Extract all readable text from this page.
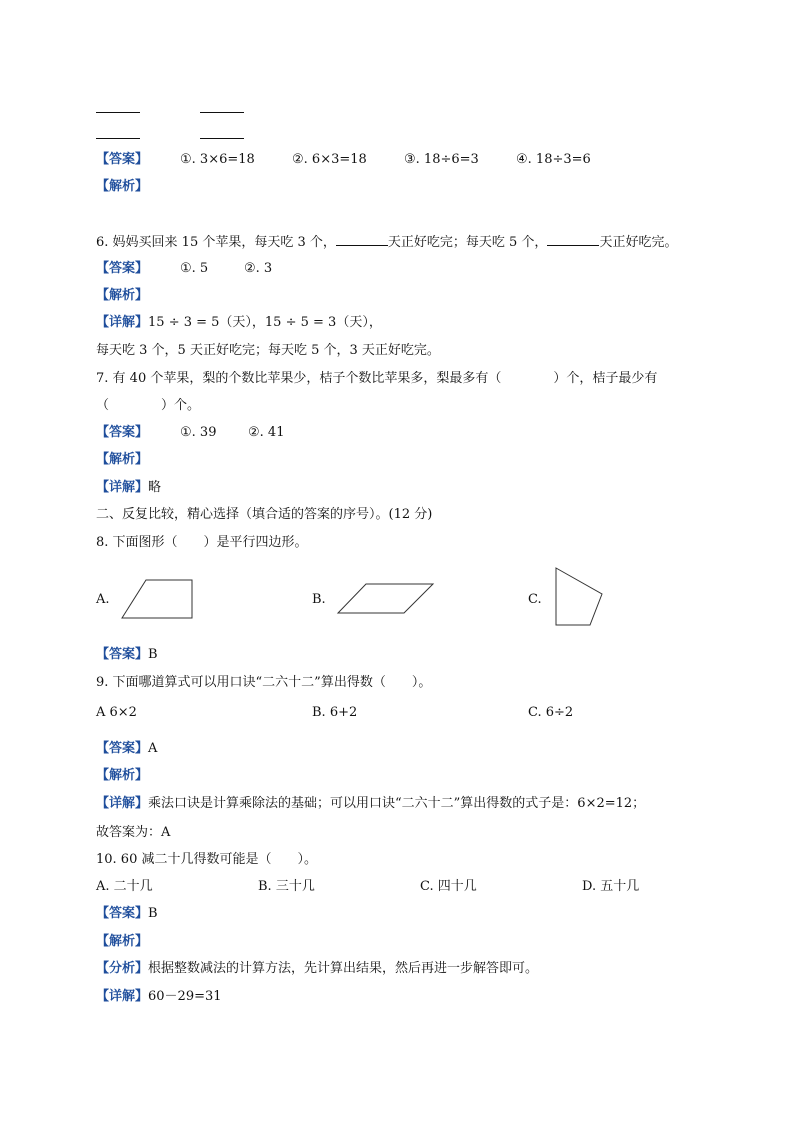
【答案】 ①. 3×6=18	②. 6×3=18	③. 18÷6=3	④. 18÷3=6
【解析】
6. 妈妈买回来 15 个苹果，每天吃 3 个，	天正好吃完；每天吃 5 个，	天正好吃完。
【答案】 ①. 5	②. 3
【解析】
【详解】15 ÷ 3 = 5（天），15 ÷ 5 = 3（天），
每天吃 3 个，5 天正好吃完；每天吃 5 个，3 天正好吃完。
7. 有 40 个苹果，梨的个数比苹果少，桔子个数比苹果多，梨最多有（　　　　）个，桔子最少有
（　　　　）个。
【答案】 ①. 39 ②. 41
【解析】
【详解】略
二、反复比较，精心选择（填合适的答案的序号）。(12 分)
8. 下面图形（　　）是平行四边形。
A.	B.	C.
【答案】B
9. 下面哪道算式可以用口诀“二六十二”算出得数（　　）。
A 6×2	B. 6+2	C. 6÷2
【答案】A
【解析】
【详解】乘法口诀是计算乘除法的基础；可以用口诀“二六十二”算出得数的式子是：6×2=12；
故答案为：A
10. 60 减二十几得数可能是（　　）。
A. 二十几	B. 三十几	C. 四十几	D. 五十几
【答案】B
【解析】
【分析】根据整数减法的计算方法，先计算出结果，然后再进一步解答即可。
【详解】60－29=31
